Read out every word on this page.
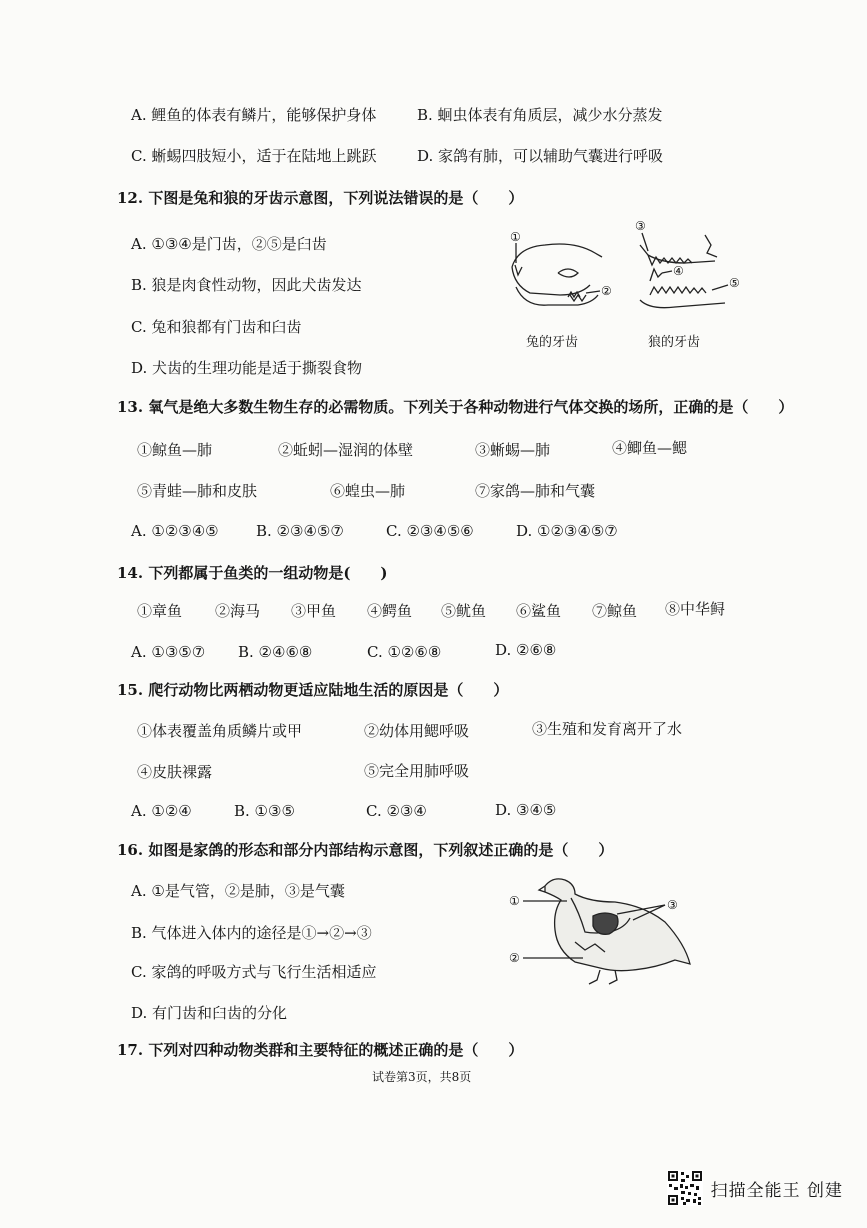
A. 鲤鱼的体表有鳞片，能够保护身体	B. 蛔虫体表有角质层，减少水分蒸发
C. 蜥蜴四肢短小，适于在陆地上跳跃	D. 家鸽有肺，可以辅助气囊进行呼吸
12. 下图是兔和狼的牙齿示意图，下列说法错误的是（　　）
A. ①③④是门齿，②⑤是臼齿
B. 狼是肉食性动物，因此犬齿发达
C. 兔和狼都有门齿和臼齿
D. 犬齿的生理功能是适于撕裂食物
①
②
③
④
⑤
兔的牙齿	狼的牙齿
13. 氧气是绝大多数生物生存的必需物质。下列关于各种动物进行气体交换的场所，正确的是（　　）
①鲸鱼—肺	②蚯蚓—湿润的体壁	③蜥蜴—肺	④鲫鱼—鳃
⑤青蛙—肺和皮肤	⑥蝗虫—肺	⑦家鸽—肺和气囊
A. ①②③④⑤ B. ②③④⑤⑦	C. ②③④⑤⑥	D. ①②③④⑤⑦
14. 下列都属于鱼类的一组动物是(　　)
①章鱼 ②海马 ③甲鱼 ④鳄鱼 ⑤鱿鱼 ⑥鲨鱼 ⑦鲸鱼 ⑧中华鲟
A. ①③⑤⑦ B. ②④⑥⑧	C. ①②⑥⑧	D. ②⑥⑧
15. 爬行动物比两栖动物更适应陆地生活的原因是（　　）
①体表覆盖角质鳞片或甲	②幼体用鳃呼吸	③生殖和发育离开了水
④皮肤裸露	⑤完全用肺呼吸
A. ①②④	B. ①③⑤	C. ②③④	D. ③④⑤
16. 如图是家鸽的形态和部分内部结构示意图，下列叙述正确的是（　　）
A. ①是气管，②是肺，③是气囊
B. 气体进入体内的途径是①→②→③
C. 家鸽的呼吸方式与飞行生活相适应
D. 有门齿和臼齿的分化
①
②
③
17. 下列对四种动物类群和主要特征的概述正确的是（　　）
试卷第3页，共8页
扫描全能王 创建
